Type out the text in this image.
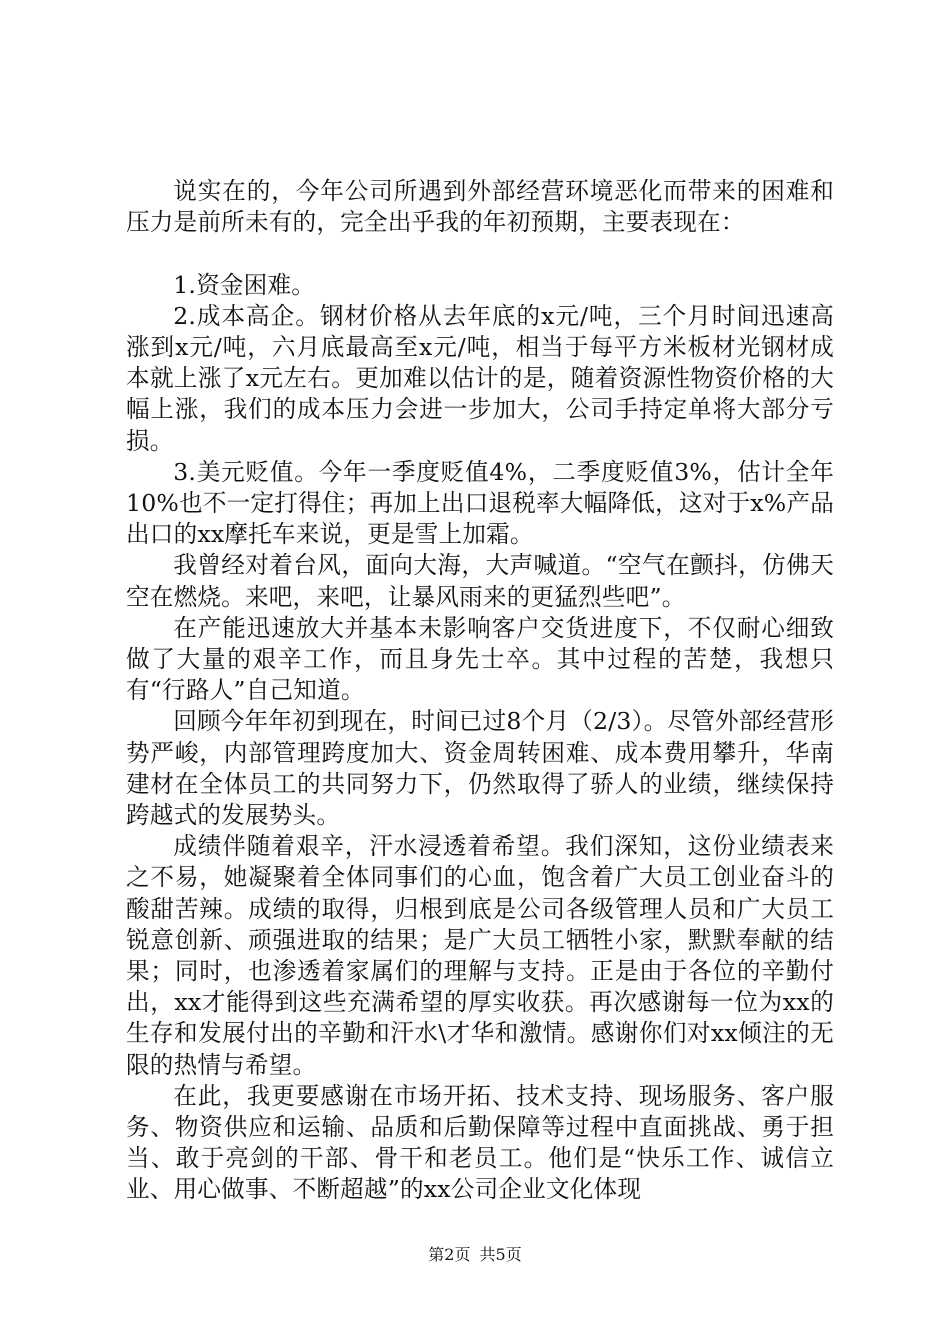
说实在的，今年公司所遇到外部经营环境恶化而带来的困难和压力是前所未有的，完全出乎我的年初预期，主要表现在：

1.资金困难。

2.成本高企。钢材价格从去年底的x元/吨，三个月时间迅速高涨到x元/吨，六月底最高至x元/吨，相当于每平方米板材光钢材成本就上涨了x元左右。更加难以估计的是，随着资源性物资价格的大幅上涨，我们的成本压力会进一步加大，公司手持定单将大部分亏损。

3.美元贬值。今年一季度贬值4%，二季度贬值3%，估计全年10%也不一定打得住；再加上出口退税率大幅降低，这对于x%产品出口的xx摩托车来说，更是雪上加霜。

我曾经对着台风，面向大海，大声喊道。“空气在颤抖，仿佛天空在燃烧。来吧，来吧，让暴风雨来的更猛烈些吧”。

在产能迅速放大并基本未影响客户交货进度下，不仅耐心细致做了大量的艰辛工作，而且身先士卒。其中过程的苦楚，我想只有“行路人”自己知道。

回顾今年年初到现在，时间已过8个月（2/3）。尽管外部经营形势严峻，内部管理跨度加大、资金周转困难、成本费用攀升，华南建材在全体员工的共同努力下，仍然取得了骄人的业绩，继续保持跨越式的发展势头。

成绩伴随着艰辛，汗水浸透着希望。我们深知，这份业绩表来之不易，她凝聚着全体同事们的心血，饱含着广大员工创业奋斗的酸甜苦辣。成绩的取得，归根到底是公司各级管理人员和广大员工锐意创新、顽强进取的结果；是广大员工牺牲小家，默默奉献的结果；同时，也渗透着家属们的理解与支持。正是由于各位的辛勤付出，xx才能得到这些充满希望的厚实收获。再次感谢每一位为xx的生存和发展付出的辛勤和汗水\才华和激情。感谢你们对xx倾注的无限的热情与希望。

在此，我更要感谢在市场开拓、技术支持、现场服务、客户服务、物资供应和运输、品质和后勤保障等过程中直面挑战、勇于担当、敢于亮剑的干部、骨干和老员工。他们是“快乐工作、诚信立业、用心做事、不断超越”的xx公司企业文化体现

第2页 共5页
